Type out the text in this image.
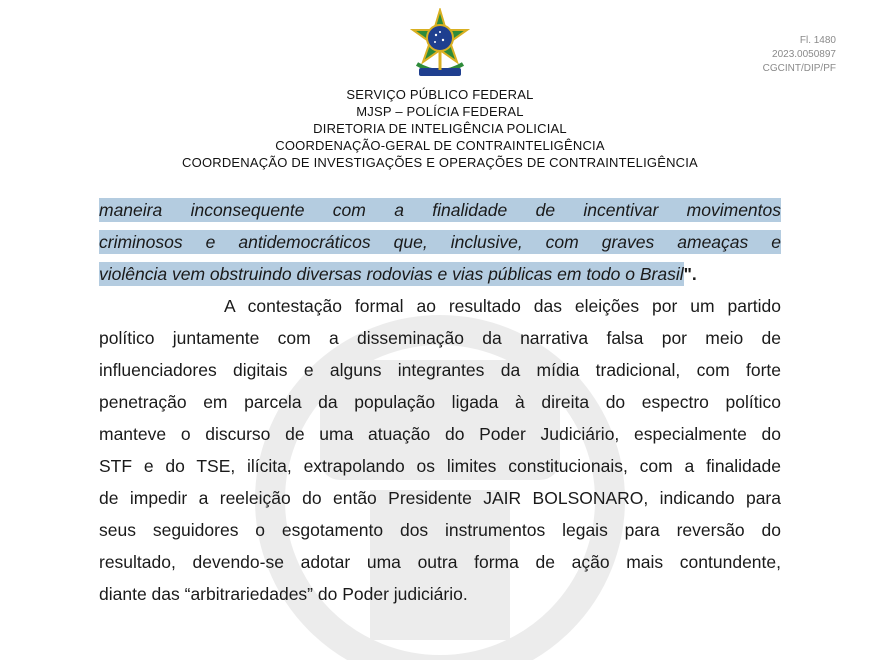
Fl. 1480
2023.0050897
CGCINT/DIP/PF
SERVIÇO PÚBLICO FEDERAL
MJSP – POLÍCIA FEDERAL
DIRETORIA DE INTELIGÊNCIA POLICIAL
COORDENAÇÃO-GERAL DE CONTRAINTELIGÊNCIA
COORDENAÇÃO DE INVESTIGAÇÕES E OPERAÇÕES DE CONTRAINTELIGÊNCIA
maneira inconsequente com a finalidade de incentivar movimentos
criminosos e antidemocráticos que, inclusive, com graves ameaças e
violência vem obstruindo diversas rodovias e vias públicas em todo o Brasil".
A contestação formal ao resultado das eleições por um partido
político juntamente com a disseminação da narrativa falsa por meio de
influenciadores digitais e alguns integrantes da mídia tradicional, com forte
penetração em parcela da população ligada à direita do espectro político
manteve o discurso de uma atuação do Poder Judiciário, especialmente do
STF e do TSE, ilícita, extrapolando os limites constitucionais, com a finalidade
de impedir a reeleição do então Presidente JAIR BOLSONARO, indicando para
seus seguidores o esgotamento dos instrumentos legais para reversão do
resultado, devendo-se adotar uma outra forma de ação mais contundente,
diante das “arbitrariedades” do Poder judiciário.
